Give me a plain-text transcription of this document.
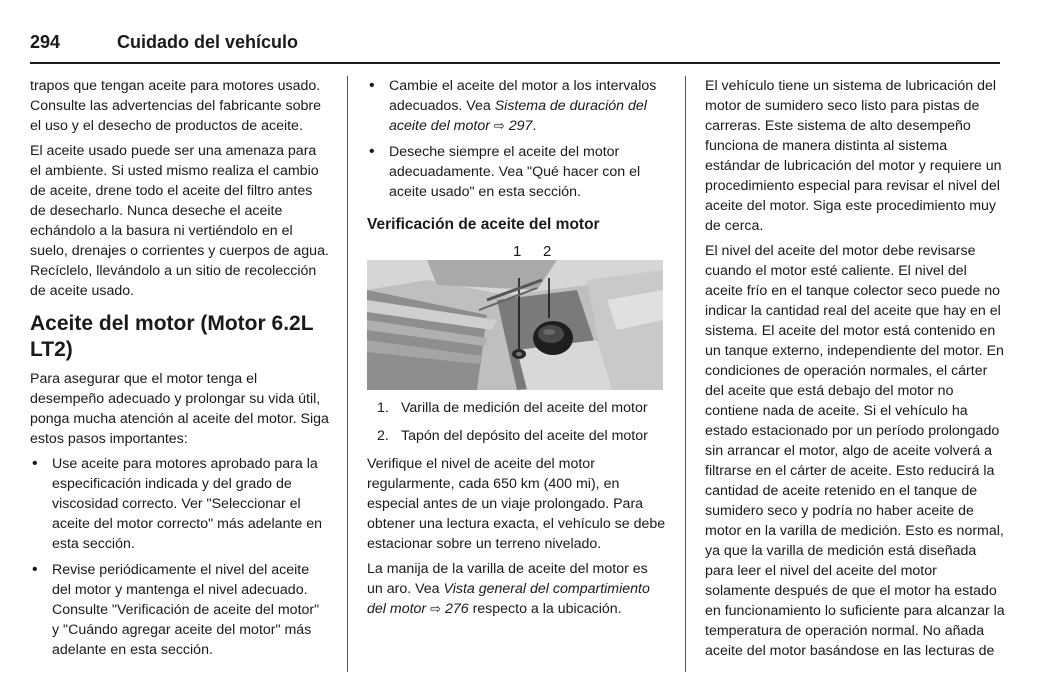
294	Cuidado del vehículo

trapos que tengan aceite para motores usado. Consulte las advertencias del fabricante sobre el uso y el desecho de productos de aceite.

El aceite usado puede ser una amenaza para el ambiente. Si usted mismo realiza el cambio de aceite, drene todo el aceite del filtro antes de desecharlo. Nunca deseche el aceite echándolo a la basura ni vertiéndolo en el suelo, drenajes o corrientes y cuerpos de agua. Recíclelo, llevándolo a un sitio de recolección de aceite usado.

Aceite del motor (Motor 6.2L LT2)

Para asegurar que el motor tenga el desempeño adecuado y prolongar su vida útil, ponga mucha atención al aceite del motor. Siga estos pasos importantes:

• Use aceite para motores aprobado para la especificación indicada y del grado de viscosidad correcto. Ver "Seleccionar el aceite del motor correcto" más adelante en esta sección.
• Revise periódicamente el nivel del aceite del motor y mantenga el nivel adecuado. Consulte "Verificación de aceite del motor" y "Cuándo agregar aceite del motor" más adelante en esta sección.
• Cambie el aceite del motor a los intervalos adecuados. Vea Sistema de duración del aceite del motor ⇨ 297.
• Deseche siempre el aceite del motor adecuadamente. Vea "Qué hacer con el aceite usado" en esta sección.
Verificación de aceite del motor
1 2
1. Varilla de medición del aceite del motor
2. Tapón del depósito del aceite del motor

Verifique el nivel de aceite del motor regularmente, cada 650 km (400 mi), en especial antes de un viaje prolongado. Para obtener una lectura exacta, el vehículo se debe estacionar sobre un terreno nivelado.

La manija de la varilla de aceite del motor es un aro. Vea Vista general del compartimiento del motor ⇨ 276 respecto a la ubicación.

El vehículo tiene un sistema de lubricación del motor de sumidero seco listo para pistas de carreras. Este sistema de alto desempeño funciona de manera distinta al sistema estándar de lubricación del motor y requiere un procedimiento especial para revisar el nivel del aceite del motor. Siga este procedimiento muy de cerca.

El nivel del aceite del motor debe revisarse cuando el motor esté caliente. El nivel del aceite frío en el tanque colector seco puede no indicar la cantidad real del aceite que hay en el sistema. El aceite del motor está contenido en un tanque externo, independiente del motor. En condiciones de operación normales, el cárter del aceite que está debajo del motor no contiene nada de aceite. Si el vehículo ha estado estacionado por un período prolongado sin arrancar el motor, algo de aceite volverá a filtrarse en el cárter de aceite. Esto reducirá la cantidad de aceite retenido en el tanque de sumidero seco y podría no haber aceite de motor en la varilla de medición. Esto es normal, ya que la varilla de medición está diseñada para leer el nivel del aceite del motor solamente después de que el motor ha estado en funcionamiento lo suficiente para alcanzar la temperatura de operación normal. No añada aceite del motor basándose en las lecturas de
